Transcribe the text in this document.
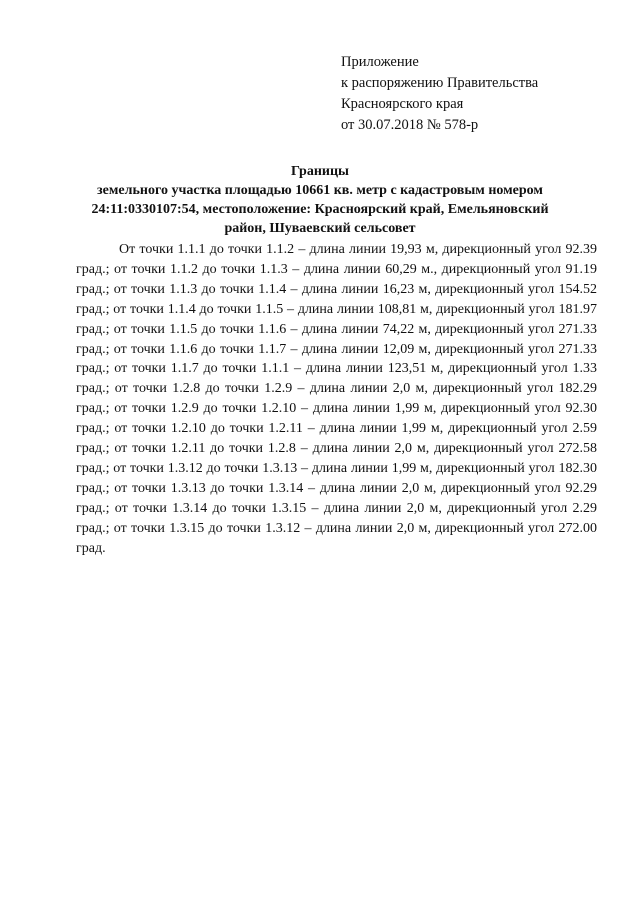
Приложение
к распоряжению Правительства
Красноярского края
от 30.07.2018 № 578-р
Границы
земельного участка площадью 10661 кв. метр с кадастровым номером
24:11:0330107:54, местоположение: Красноярский край, Емельяновский
район, Шуваевский сельсовет

От точки 1.1.1 до точки 1.1.2 – длина линии 19,93 м, дирекционный угол 92.39 град.; от точки 1.1.2 до точки 1.1.3 – длина линии 60,29 м., дирекционный угол 91.19 град.; от точки 1.1.3 до точки 1.1.4 – длина линии 16,23 м, дирекционный угол 154.52 град.; от точки 1.1.4 до точки 1.1.5 – длина линии 108,81 м, дирекционный угол 181.97 град.; от точки 1.1.5 до точки 1.1.6 – длина линии 74,22 м, дирекционный угол 271.33 град.; от точки 1.1.6 до точки 1.1.7 – длина линии 12,09 м, дирекционный угол 271.33 град.; от точки 1.1.7 до точки 1.1.1 – длина линии 123,51 м, дирекционный угол 1.33 град.; от точки 1.2.8 до точки 1.2.9 – длина линии 2,0 м, дирекционный угол 182.29 град.; от точки 1.2.9 до точки 1.2.10 – длина линии 1,99 м, дирекционный угол 92.30 град.; от точки 1.2.10 до точки 1.2.11 – длина линии 1,99 м, дирекционный угол 2.59 град.; от точки 1.2.11 до точки 1.2.8 – длина линии 2,0 м, дирекционный угол 272.58 град.; от точки 1.3.12 до точки 1.3.13 – длина линии 1,99 м, дирекционный угол 182.30 град.; от точки 1.3.13 до точки 1.3.14 – длина линии 2,0 м, дирекционный угол 92.29 град.; от точки 1.3.14 до точки 1.3.15 – длина линии 2,0 м, дирекционный угол 2.29 град.; от точки 1.3.15 до точки 1.3.12 – длина линии 2,0 м, дирекционный угол 272.00 град.
